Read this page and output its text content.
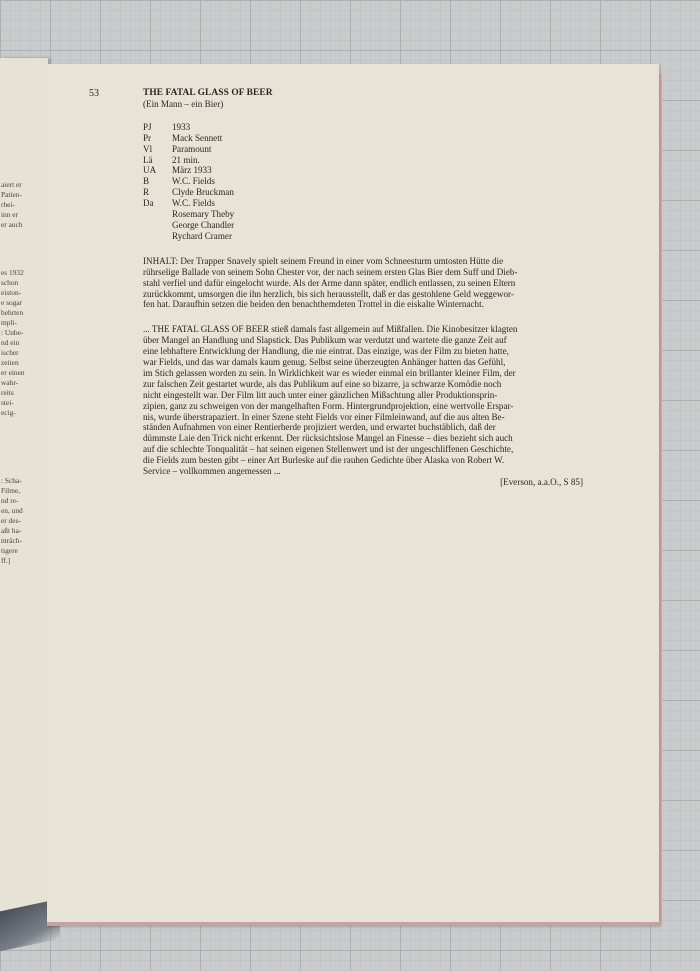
aiert er
Patien-
rbei-
inn er
er auch
es 1932
schon
eiston-
e sogar
behrten
mpli-
: Unbe-
nd ein
ischer
zeiten
er einen
wahr-
reits
stei-
ecig-
: Scha-
Filme,
nd re-
en, und
er des-
aßt ha-
nträch-
tigere
ff.]
53	THE FATAL GLASS OF BEER
(Ein Mann – ein Bier)
PJ	1933
Pr	Mack Sennett
Vl	Paramount
Lä	21 min.
UA	März 1933
B	W.C. Fields
R	Clyde Bruckman
Da	W.C. Fields
Rosemary Theby
George Chandler
Rychard Cramer
INHALT: Der Trapper Snavely spielt seinem Freund in einer vom Schneesturm umtosten Hütte die
rührselige Ballade von seinem Sohn Chester vor, der nach seinem ersten Glas Bier dem Suff und Dieb-
stahl verfiel und dafür eingelocht wurde. Als der Arme dann später, endlich entlassen, zu seinen Eltern
zurückkommt, umsorgen die ihn herzlich, bis sich herausstellt, daß er das gestohlene Geld weggewor-
fen hat. Daraufhin setzen die beiden den benachthemdeten Trottel in die eiskalte Winternacht.
... THE FATAL GLASS OF BEER stieß damals fast allgemein auf Mißfallen. Die Kinobesitzer klagten
über Mangel an Handlung und Slapstick. Das Publikum war verdutzt und wartete die ganze Zeit auf
eine lebhaftere Entwicklung der Handlung, die nie eintrat. Das einzige, was der Film zu bieten hatte,
war Fields, und das war damals kaum genug. Selbst seine überzeugten Anhänger hatten das Gefühl,
im Stich gelassen worden zu sein. In Wirklichkeit war es wieder einmal ein brillanter kleiner Film, der
zur falschen Zeit gestartet wurde, als das Publikum auf eine so bizarre, ja schwarze Komödie noch
nicht eingestellt war. Der Film litt auch unter einer gänzlichen Mißachtung aller Produktionsprin-
zipien, ganz zu schweigen von der mangelhaften Form. Hintergrundprojektion, eine wertvolle Erspar-
nis, wurde überstrapaziert. In einer Szene steht Fields vor einer Filmleinwand, auf die aus alten Be-
ständen Aufnahmen von einer Rentierherde projiziert werden, und erwartet buchstäblich, daß der
dümmste Laie den Trick nicht erkennt. Der rücksichtslose Mangel an Finesse – dies bezieht sich auch
auf die schlechte Tonqualität – hat seinen eigenen Stellenwert und ist der ungeschliffenen Geschichte,
die Fields zum besten gibt – einer Art Burleske auf die rauhen Gedichte über Alaska von Robert W.
Service – vollkommen angemessen ...
[Everson, a.a.O., S 85]
